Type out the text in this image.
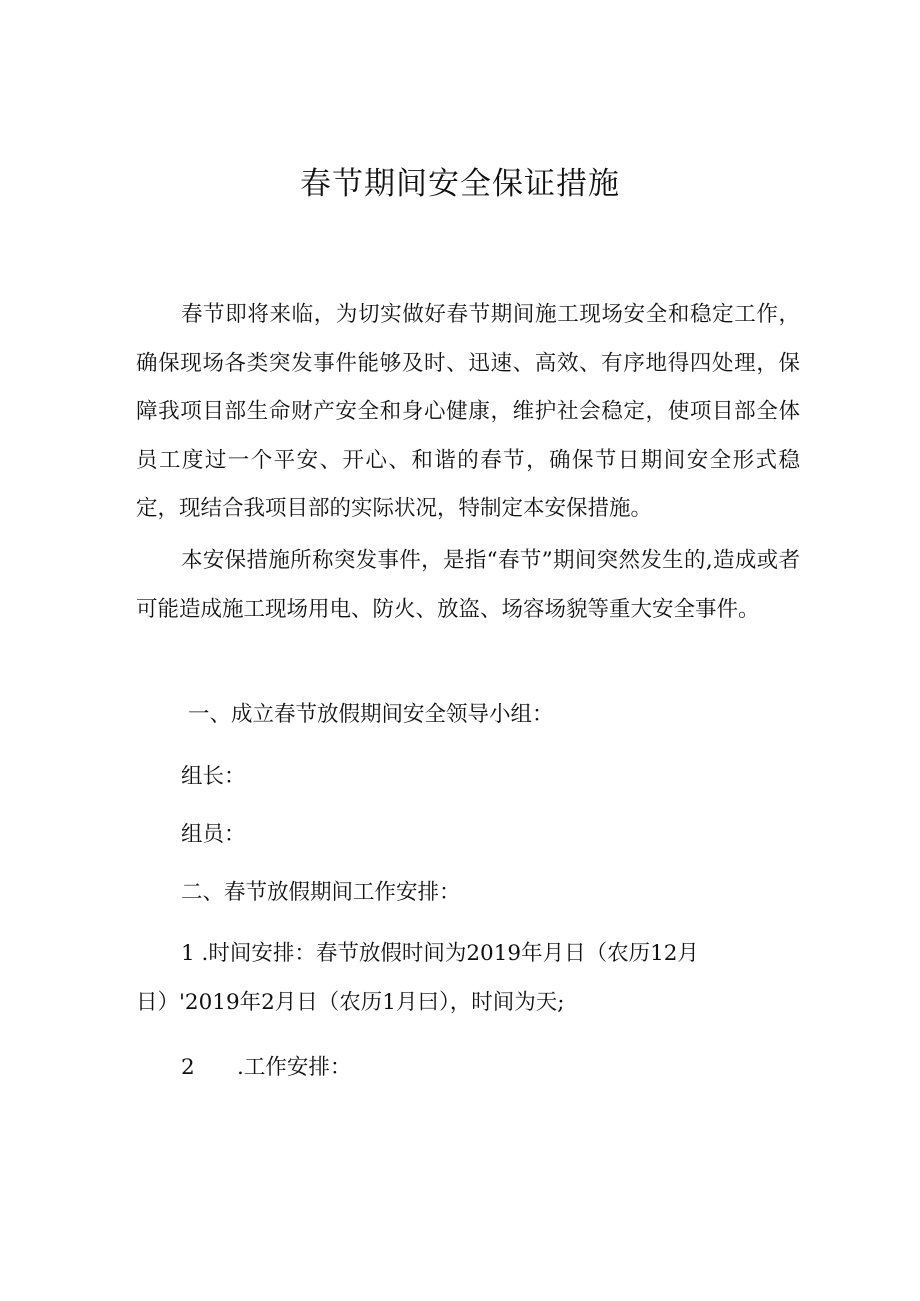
春节期间安全保证措施

春节即将来临，为切实做好春节期间施工现场安全和稳定工作，确保现场各类突发事件能够及时、迅速、高效、有序地得四处理，保障我项目部生命财产安全和身心健康，维护社会稳定，使项目部全体员工度过一个平安、开心、和谐的春节，确保节日期间安全形式稳定，现结合我项目部的实际状况，特制定本安保措施。

本安保措施所称突发事件，是指“春节”期间突然发生的,造成或者可能造成施工现场用电、防火、放盗、场容场貌等重大安全事件。

一、成立春节放假期间安全领导小组：

组长：

组员：

二、春节放假期间工作安排：

1 .时间安排：春节放假时间为2019年月日（农历12月日）'2019年2月日（农历1月曰），时间为天;

2 .工作安排：
